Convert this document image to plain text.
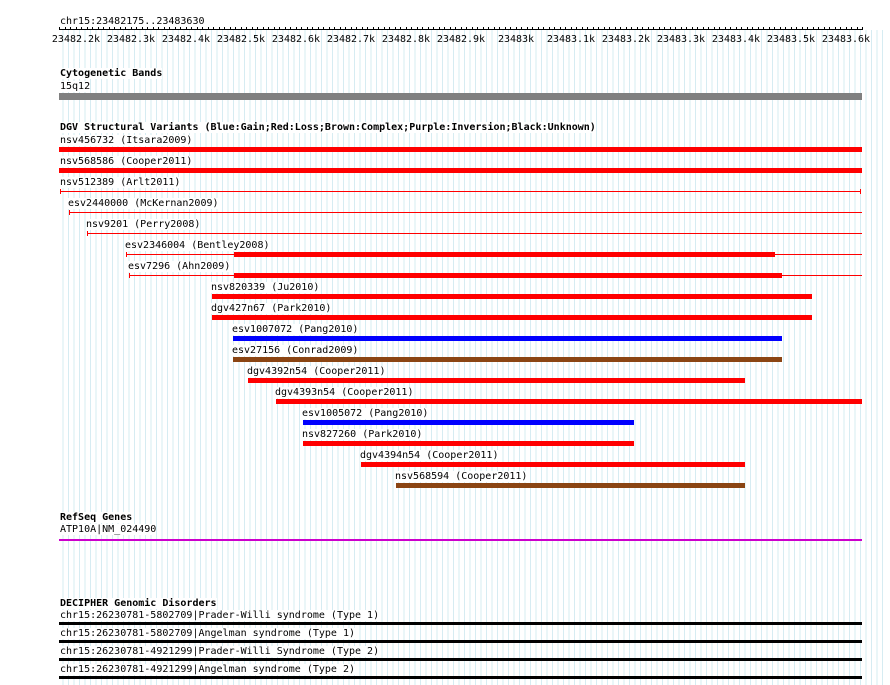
chr15:23482175..23483630
23482.2k 23482.3k 23482.4k 23482.5k 23482.6k 23482.7k 23482.8k 23482.9k 23483k 23483.1k 23483.2k 23483.3k 23483.4k 23483.5k 23483.6k
Cytogenetic Bands
15q12
DGV Structural Variants (Blue:Gain;Red:Loss;Brown:Complex;Purple:Inversion;Black:Unknown)
nsv456732 (Itsara2009)
nsv568586 (Cooper2011)
nsv512389 (Arlt2011)
esv2440000 (McKernan2009)
nsv9201 (Perry2008)
esv2346004 (Bentley2008)
esv7296 (Ahn2009)
nsv820339 (Ju2010)
dgv427n67 (Park2010)
esv1007072 (Pang2010)
esv27156 (Conrad2009)
dgv4392n54 (Cooper2011)
dgv4393n54 (Cooper2011)
esv1005072 (Pang2010)
nsv827260 (Park2010)
dgv4394n54 (Cooper2011)
nsv568594 (Cooper2011)
RefSeq Genes
ATP10A|NM_024490
DECIPHER Genomic Disorders
chr15:26230781-5802709|Prader-Willi syndrome (Type 1)
chr15:26230781-5802709|Angelman syndrome (Type 1)
chr15:26230781-4921299|Prader-Willi Syndrome (Type 2)
chr15:26230781-4921299|Angelman syndrome (Type 2)
